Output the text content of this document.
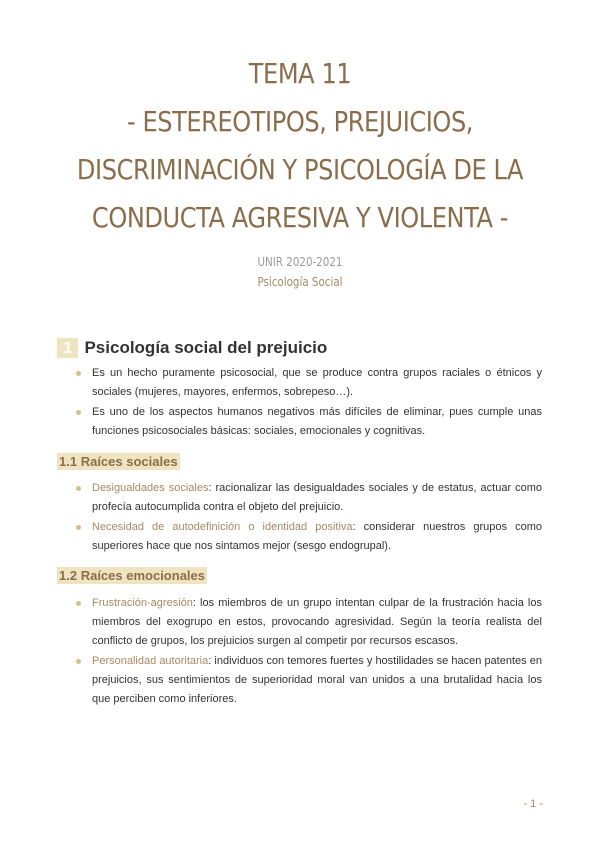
TEMA 11
- ESTEREOTIPOS, PREJUICIOS,
DISCRIMINACIÓN Y PSICOLOGÍA DE LA
CONDUCTA AGRESIVA Y VIOLENTA -
UNIR 2020-2021
Psicología Social
1 Psicología social del prejuicio
Es un hecho puramente psicosocial, que se produce contra grupos raciales o étnicos y sociales (mujeres, mayores, enfermos, sobrepeso…).
Es uno de los aspectos humanos negativos más difíciles de eliminar, pues cumple unas funciones psicosociales básicas: sociales, emocionales y cognitivas.
1.1 Raíces sociales
Desigualdades sociales: racionalizar las desigualdades sociales y de estatus, actuar como profecía autocumplida contra el objeto del prejuicio.
Necesidad de autodefinición o identidad positiva: considerar nuestros grupos como superiores hace que nos sintamos mejor (sesgo endogrupal).
1.2 Raíces emocionales
Frustración-agresión: los miembros de un grupo intentan culpar de la frustración hacia los miembros del exogrupo en estos, provocando agresividad. Según la teoría realista del conflicto de grupos, los prejuicios surgen al competir por recursos escasos.
Personalidad autoritaria: individuos con temores fuertes y hostilidades se hacen patentes en prejuicios, sus sentimientos de superioridad moral van unidos a una brutalidad hacia los que perciben como inferiores.
- 1 -
